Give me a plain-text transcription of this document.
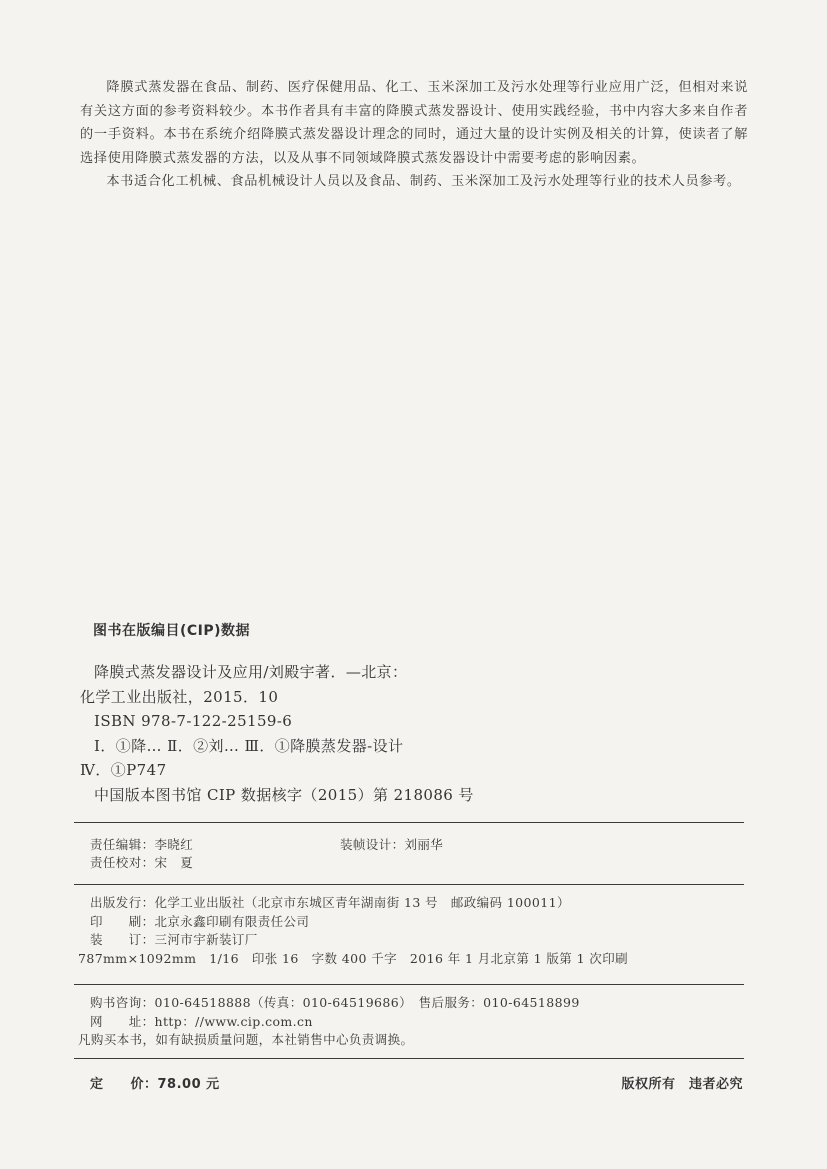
降膜式蒸发器在食品、制药、医疗保健用品、化工、玉米深加工及污水处理等行业应用广泛，但相对来说有关这方面的参考资料较少。本书作者具有丰富的降膜式蒸发器设计、使用实践经验，书中内容大多来自作者的一手资料。本书在系统介绍降膜式蒸发器设计理念的同时，通过大量的设计实例及相关的计算，使读者了解选择使用降膜式蒸发器的方法，以及从事不同领域降膜式蒸发器设计中需要考虑的影响因素。

本书适合化工机械、食品机械设计人员以及食品、制药、玉米深加工及污水处理等行业的技术人员参考。

图书在版编目(CIP)数据
降膜式蒸发器设计及应用/刘殿宇著．—北京：
化学工业出版社，2015．10
ISBN 978-7-122-25159-6
Ⅰ．①降… Ⅱ．②刘… Ⅲ．①降膜蒸发器-设计
Ⅳ．①P747
中国版本图书馆 CIP 数据核字（2015）第 218086 号
责任编辑：李晓红	装帧设计：刘丽华
责任校对：宋　夏
出版发行：化学工业出版社（北京市东城区青年湖南街 13 号　邮政编码 100011）
印　　刷：北京永鑫印刷有限责任公司
装　　订：三河市宇新装订厂
787mm×1092mm　1/16　印张 16　字数 400 千字　2016 年 1 月北京第 1 版第 1 次印刷
购书咨询：010-64518888（传真：010-64519686）　售后服务：010-64518899
网　　址：http：//www.cip.com.cn
凡购买本书，如有缺损质量问题，本社销售中心负责调换。
定　　价：78.00 元	版权所有　违者必究
